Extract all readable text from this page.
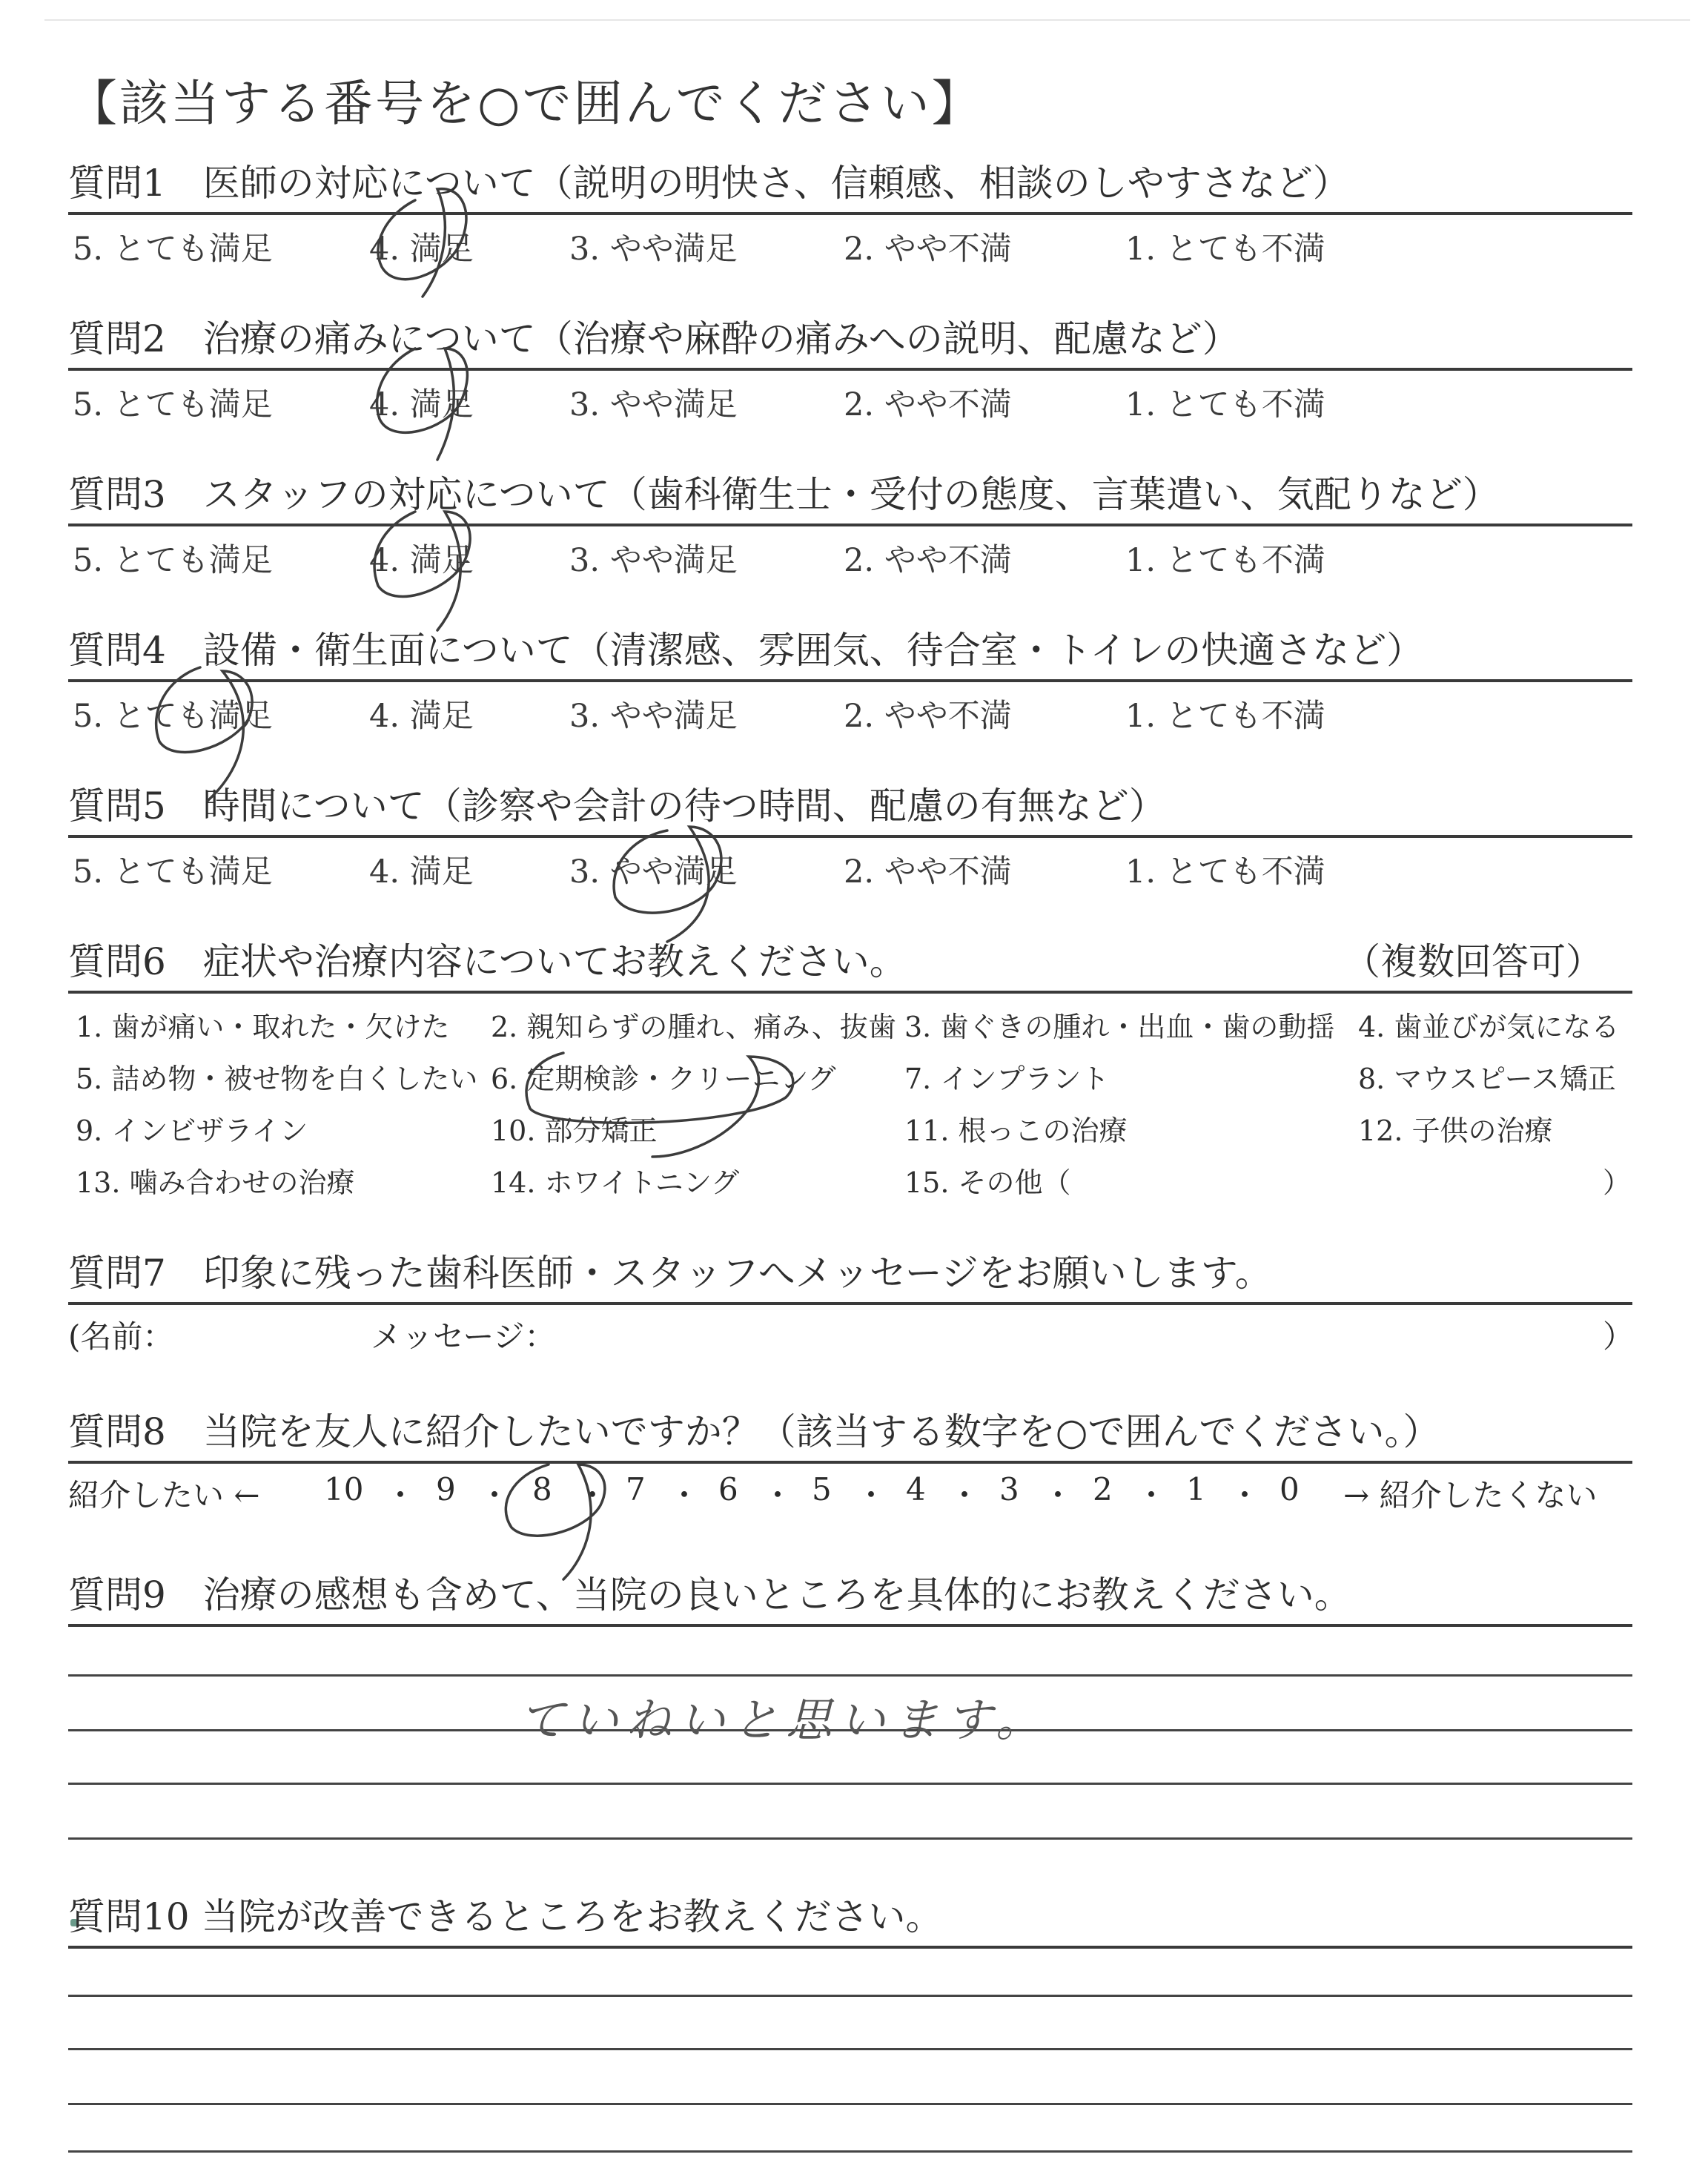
【該当する番号を○で囲んでください】
質問1　医師の対応について（説明の明快さ、信頼感、相談のしやすさなど）
5. とても満足	4. 満足	3. やや満足	2. やや不満	1. とても不満
質問2　治療の痛みについて（治療や麻酔の痛みへの説明、配慮など）
5. とても満足	4. 満足	3. やや満足	2. やや不満	1. とても不満
質問3　スタッフの対応について（歯科衛生士・受付の態度、言葉遣い、気配りなど）
5. とても満足	4. 満足	3. やや満足	2. やや不満	1. とても不満
質問4　設備・衛生面について（清潔感、雰囲気、待合室・トイレの快適さなど）
5. とても満足	4. 満足	3. やや満足	2. やや不満	1. とても不満
質問5　時間について（診察や会計の待つ時間、配慮の有無など）
5. とても満足	4. 満足	3. やや満足	2. やや不満	1. とても不満
質問6　症状や治療内容についてお教えください。	（複数回答可）
1. 歯が痛い・取れた・欠けた 2. 親知らずの腫れ、痛み、抜歯 3. 歯ぐきの腫れ・出血・歯の動揺 4. 歯並びが気になる
5. 詰め物・被せ物を白くしたい 6. 定期検診・クリーニング 7. インプラント	8. マウスピース矯正
9. インビザライン	10. 部分矯正	11. 根っこの治療	12. 子供の治療
13. 噛み合わせの治療	14. ホワイトニング	15. その他（	）
質問7　印象に残った歯科医師・スタッフへメッセージをお願いします。
(名前：	メッセージ：	）
質問8　当院を友人に紹介したいですか？（該当する数字を○で囲んでください。）
紹介したい ← 10 ・ 9 ・ 8 ・ 7 ・ 6 ・ 5 ・ 4 ・ 3 ・ 2 ・ 1 ・ 0 → 紹介したくない
質問9　治療の感想も含めて、当院の良いところを具体的にお教えください。
ていねいと思います。
質問10 当院が改善できるところをお教えください。
